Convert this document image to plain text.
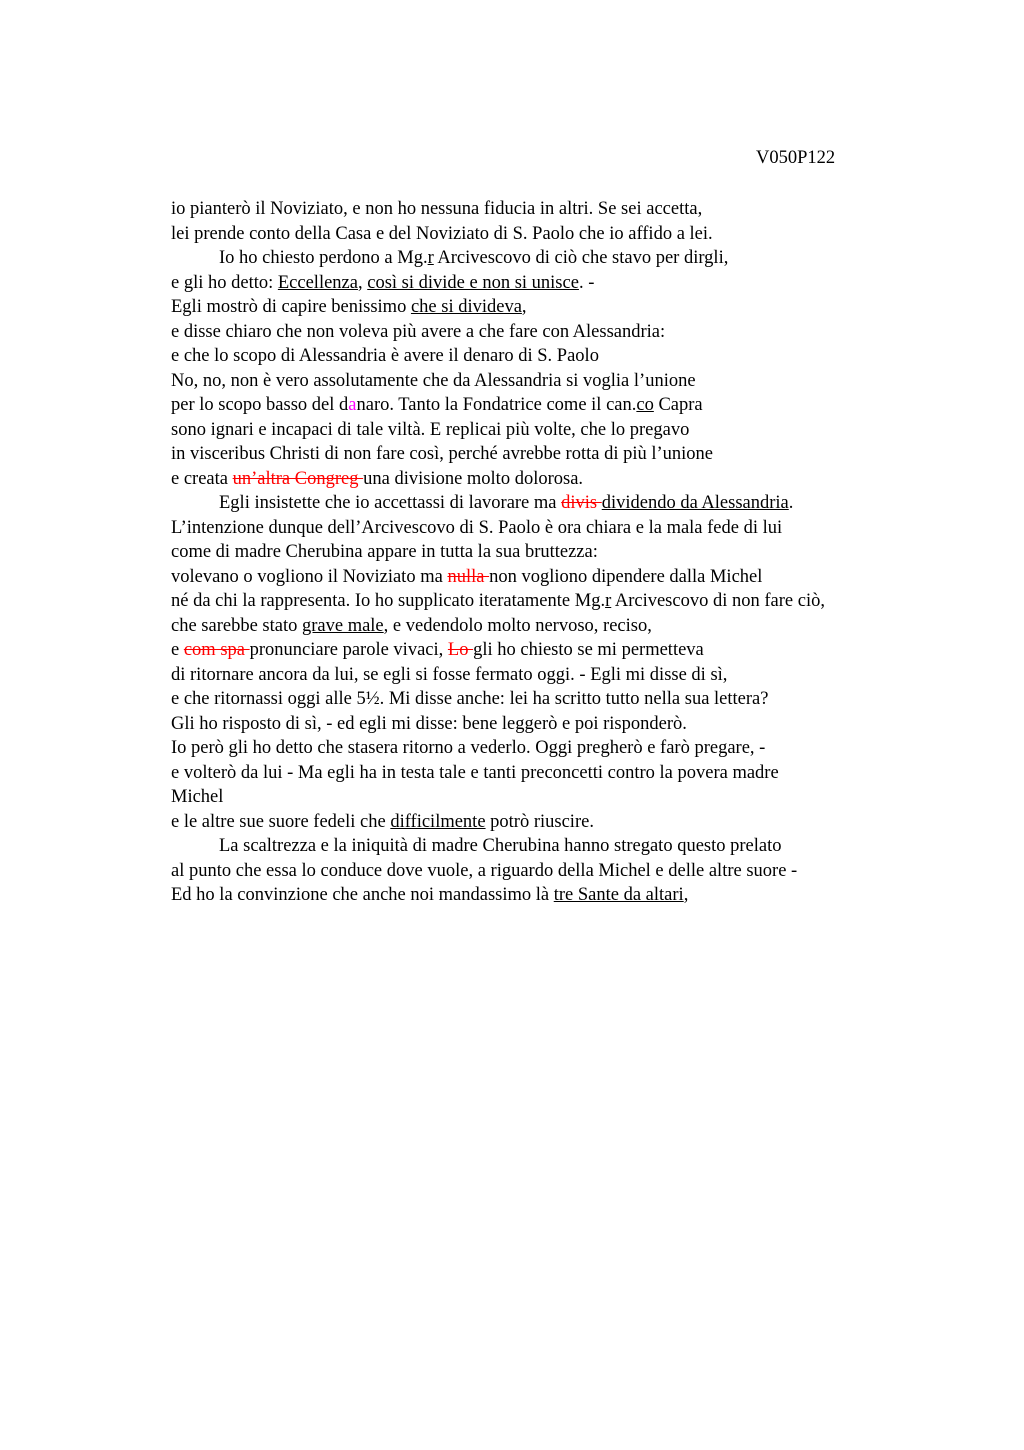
V050P122
io pianterò il Noviziato, e non ho nessuna fiducia in altri. Se sei accetta,
lei prende conto della Casa e del Noviziato di S. Paolo che io affido a lei.
Io ho chiesto perdono a Mg.r Arcivescovo di ciò che stavo per dirgli,
e gli ho detto: Eccellenza, così si divide e non si unisce. -
Egli mostrò di capire benissimo che si divideva,
e disse chiaro che non voleva più avere a che fare con Alessandria:
e che lo scopo di Alessandria è avere il denaro di S. Paolo
No, no, non è vero assolutamente che da Alessandria si voglia l’unione
per lo scopo basso del danaro. Tanto la Fondatrice come il can.co Capra
sono ignari e incapaci di tale viltà. E replicai più volte, che lo pregavo
in visceribus Christi di non fare così, perché avrebbe rotta di più l’unione
e creata un’altra Congreg una divisione molto dolorosa.
Egli insistette che io accettassi di lavorare ma divis dividendo da Alessandria.
L’intenzione dunque dell’Arcivescovo di S. Paolo è ora chiara e la mala fede di lui
come di madre Cherubina appare in tutta la sua bruttezza:
volevano o vogliono il Noviziato ma nulla non vogliono dipendere dalla Michel
né da chi la rappresenta. Io ho supplicato iteratamente Mg.r Arcivescovo di non fare ciò,
che sarebbe stato grave male, e vedendolo molto nervoso, reciso,
e com spa pronunciare parole vivaci, Lo gli ho chiesto se mi permetteva
di ritornare ancora da lui, se egli si fosse fermato oggi. - Egli mi disse di sì,
e che ritornassi oggi alle 5½. Mi disse anche: lei ha scritto tutto nella sua lettera?
Gli ho risposto di sì, - ed egli mi disse: bene leggerò e poi risponderò.
Io però gli ho detto che stasera ritorno a vederlo. Oggi pregherò e farò pregare, -
e volterò da lui - Ma egli ha in testa tale e tanti preconcetti contro la povera madre
Michel
e le altre sue suore fedeli che difficilmente potrò riuscire.
La scaltrezza e la iniquità di madre Cherubina hanno stregato questo prelato
al punto che essa lo conduce dove vuole, a riguardo della Michel e delle altre suore -
Ed ho la convinzione che anche noi mandassimo là tre Sante da altari,
